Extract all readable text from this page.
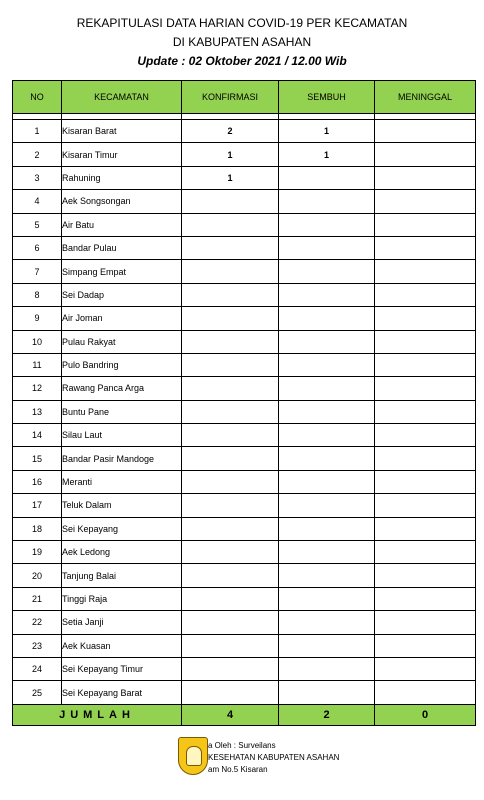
REKAPITULASI DATA HARIAN COVID-19 PER KECAMATAN
DI KABUPATEN ASAHAN
Update : 02 Oktober 2021 / 12.00 Wib
NO	KECAMATAN	KONFIRMASI	SEMBUH	MENINGGAL

1	Kisaran Barat	2	1	
2	Kisaran Timur	1	1	
3	Rahuning	1		
4	Aek Songsongan			
5	Air Batu			
6	Bandar Pulau			
7	Simpang Empat			
8	Sei Dadap			
9	Air Joman			
10	Pulau Rakyat			
11	Pulo Bandring			
12	Rawang Panca Arga			
13	Buntu Pane			
14	Silau Laut			
15	Bandar Pasir Mandoge			
16	Meranti			
17	Teluk Dalam			
18	Sei Kepayang			
19	Aek Ledong			
20	Tanjung Balai			
21	Tinggi Raja			
22	Setia Janji			
23	Aek Kuasan			
24	Sei Kepayang Timur			
25	Sei Kepayang Barat			
JUMLAH		4	2	0
a Oleh : Surveilans
KESEHATAN KABUPATEN ASAHAN
am No.5 Kisaran
